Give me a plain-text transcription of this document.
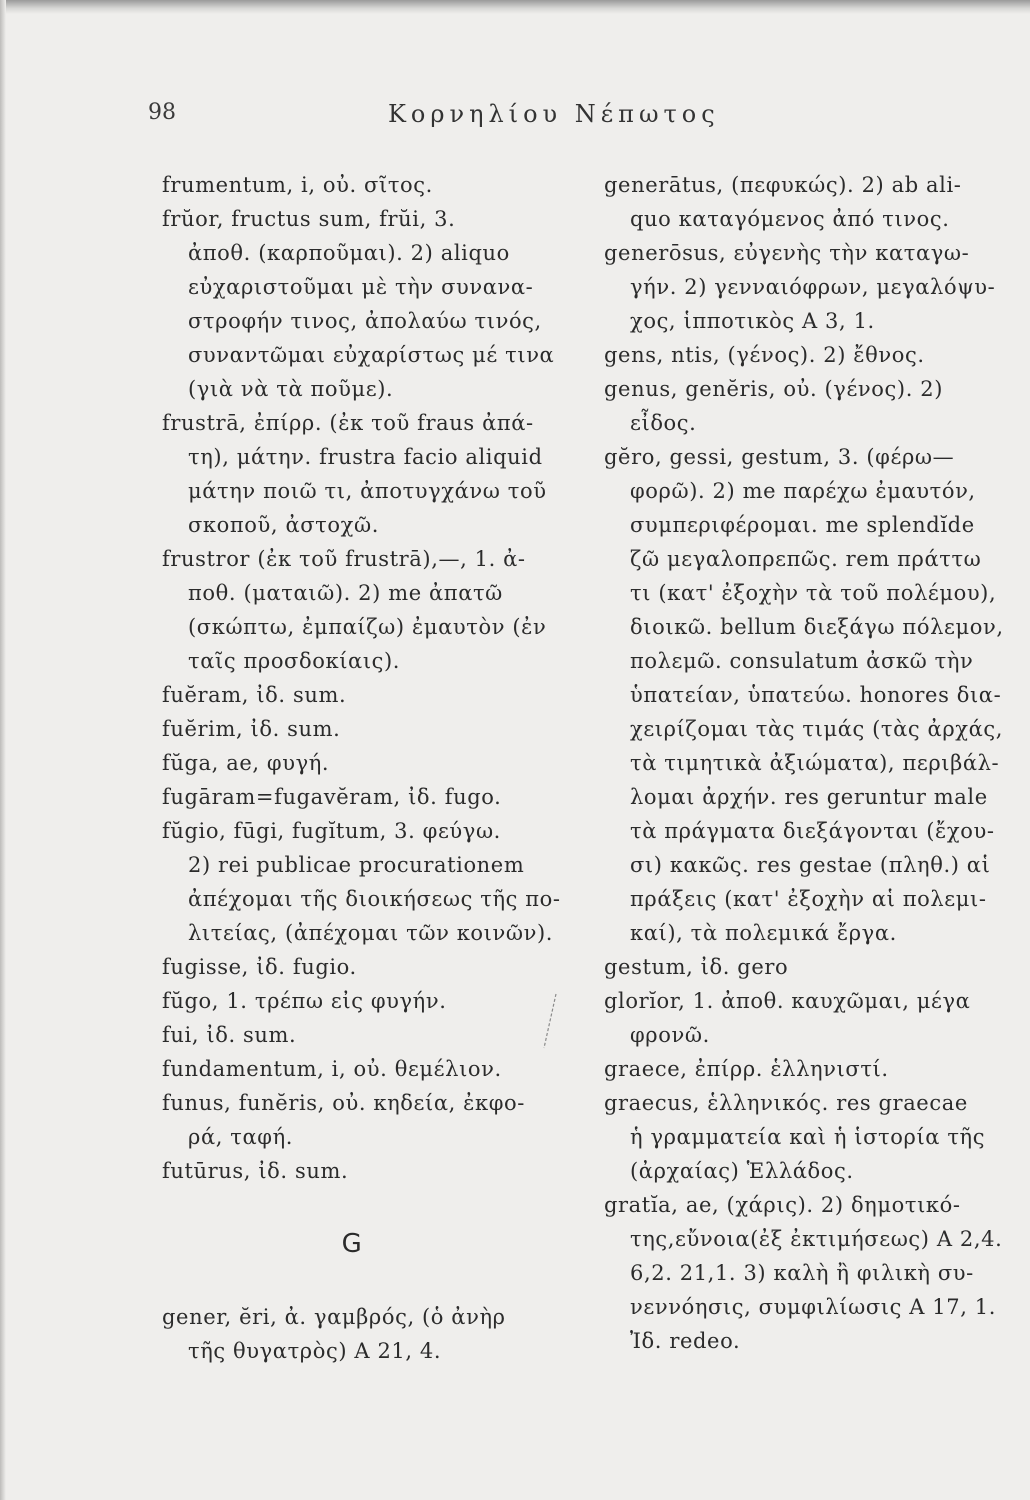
98	Κορνηλίου Νέπωτος
frumentum, i, οὐ. σῖτος.
frŭor, fructus sum, frŭi, 3.
ἀποθ. (καρποῦμαι). 2) aliquo
εὐχαριστοῦμαι μὲ τὴν συνανα-
στροφήν τινος, ἀπολαύω τινός,
συναντῶμαι εὐχαρίστως μέ τινα
(γιὰ νὰ τὰ ποῦμε).
frustrā, ἐπίρρ. (ἐκ τοῦ fraus ἀπά-
τη), μάτην. frustra facio aliquid
μάτην ποιῶ τι, ἀποτυγχάνω τοῦ
σκοποῦ, ἀστοχῶ.
frustror (ἐκ τοῦ frustrā),—, 1. ἀ-
ποθ. (ματαιῶ). 2) me ἀπατῶ
(σκώπτω, ἐμπαίζω) ἐμαυτὸν (ἐν
ταῖς προσδοκίαις).
fuĕram, ἰδ. sum.
fuĕrim, ἰδ. sum.
fŭga, ae, φυγή.
fugāram=fugavĕram, ἰδ. fugo.
fŭgio, fūgi, fugĭtum, 3. φεύγω.
2) rei publicae procurationem
ἀπέχομαι τῆς διοικήσεως τῆς πο-
λιτείας, (ἀπέχομαι τῶν κοινῶν).
fugisse, ἰδ. fugio.
fŭgo, 1. τρέπω εἰς φυγήν.
fui, ἰδ. sum.
fundamentum, i, οὐ. θεμέλιον.
funus, funĕris, οὐ. κηδεία, ἐκφο-
ρά, ταφή.
futūrus, ἰδ. sum.
G
gener, ĕri, ἀ. γαμβρός, (ὁ ἀνὴρ
τῆς θυγατρὸς) A 21, 4.
generātus, (πεφυκώς). 2) ab ali-
quo καταγόμενος ἀπό τινος.
generōsus, εὐγενὴς τὴν καταγω-
γήν. 2) γενναιόφρων, μεγαλόψυ-
χος, ἱπποτικὸς A 3, 1.
gens, ntis, (γένος). 2) ἔθνος.
genus, genĕris, οὐ. (γένος). 2)
εἶδος.
gĕro, gessi, gestum, 3. (φέρω—
φορῶ). 2) me παρέχω ἐμαυτόν,
συμπεριφέρομαι. me splendĭde
ζῶ μεγαλοπρεπῶς. rem πράττω
τι (κατ' ἐξοχὴν τὰ τοῦ πολέμου),
διοικῶ. bellum διεξάγω πόλεμον,
πολεμῶ. consulatum ἀσκῶ τὴν
ὑπατείαν, ὑπατεύω. honores δια-
χειρίζομαι τὰς τιμάς (τὰς ἀρχάς,
τὰ τιμητικὰ ἀξιώματα), περιβάλ-
λομαι ἀρχήν. res geruntur male
τὰ πράγματα διεξάγονται (ἔχου-
σι) κακῶς. res gestae (πληθ.) αἱ
πράξεις (κατ' ἐξοχὴν αἱ πολεμι-
καί), τὰ πολεμικά ἔργα.
gestum, ἰδ. gero
glorĭor, 1. ἀποθ. καυχῶμαι, μέγα
φρονῶ.
graece, ἐπίρρ. ἑλληνιστί.
graecus, ἑλληνικός. res graecae
ἡ γραμματεία καὶ ἡ ἱστορία τῆς
(ἀρχαίας) Ἑλλάδος.
gratĭa, ae, (χάρις). 2) δημοτικό-
της,εὔνοια(ἐξ ἐκτιμήσεως) A 2,4.
6,2. 21,1. 3) καλὴ ἢ φιλικὴ συ-
νεννόησις, συμφιλίωσις A 17, 1.
Ἰδ. redeo.
